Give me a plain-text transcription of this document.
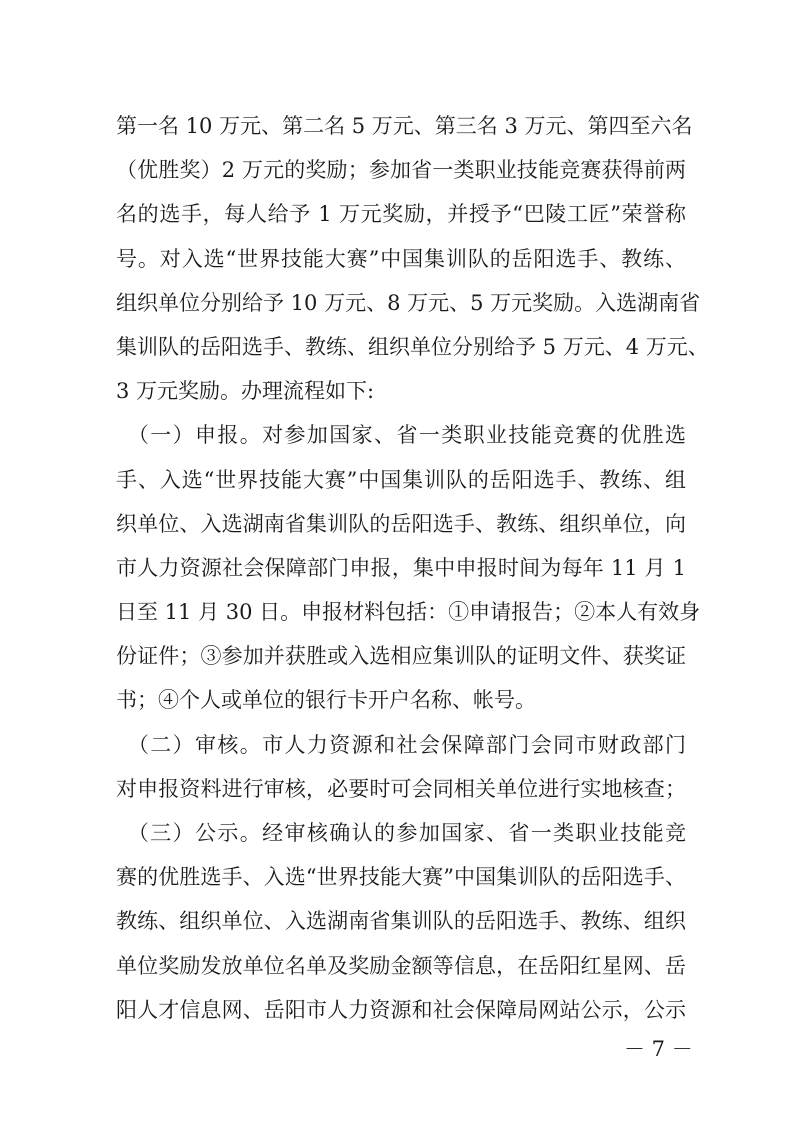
第一名 10 万元、第二名 5 万元、第三名 3 万元、第四至六名
（优胜奖）2 万元的奖励；参加省一类职业技能竞赛获得前两
名的选手，每人给予 1 万元奖励，并授予“巴陵工匠”荣誉称
号。对入选“世界技能大赛”中国集训队的岳阳选手、教练、
组织单位分别给予 10 万元、8 万元、5 万元奖励。入选湖南省
集训队的岳阳选手、教练、组织单位分别给予 5 万元、4 万元、
3 万元奖励。办理流程如下:
　（一）申报。对参加国家、省一类职业技能竞赛的优胜选
手、入选“世界技能大赛”中国集训队的岳阳选手、教练、组
织单位、入选湖南省集训队的岳阳选手、教练、组织单位，向
市人力资源社会保障部门申报，集中申报时间为每年 11 月 1
日至 11 月 30 日。申报材料包括：①申请报告；②本人有效身
份证件；③参加并获胜或入选相应集训队的证明文件、获奖证
书；④个人或单位的银行卡开户名称、帐号。
　（二）审核。市人力资源和社会保障部门会同市财政部门
对申报资料进行审核，必要时可会同相关单位进行实地核查；
　（三）公示。经审核确认的参加国家、省一类职业技能竞
赛的优胜选手、入选“世界技能大赛”中国集训队的岳阳选手、
教练、组织单位、入选湖南省集训队的岳阳选手、教练、组织
单位奖励发放单位名单及奖励金额等信息，在岳阳红星网、岳
阳人才信息网、岳阳市人力资源和社会保障局网站公示，公示
－ 7 －
